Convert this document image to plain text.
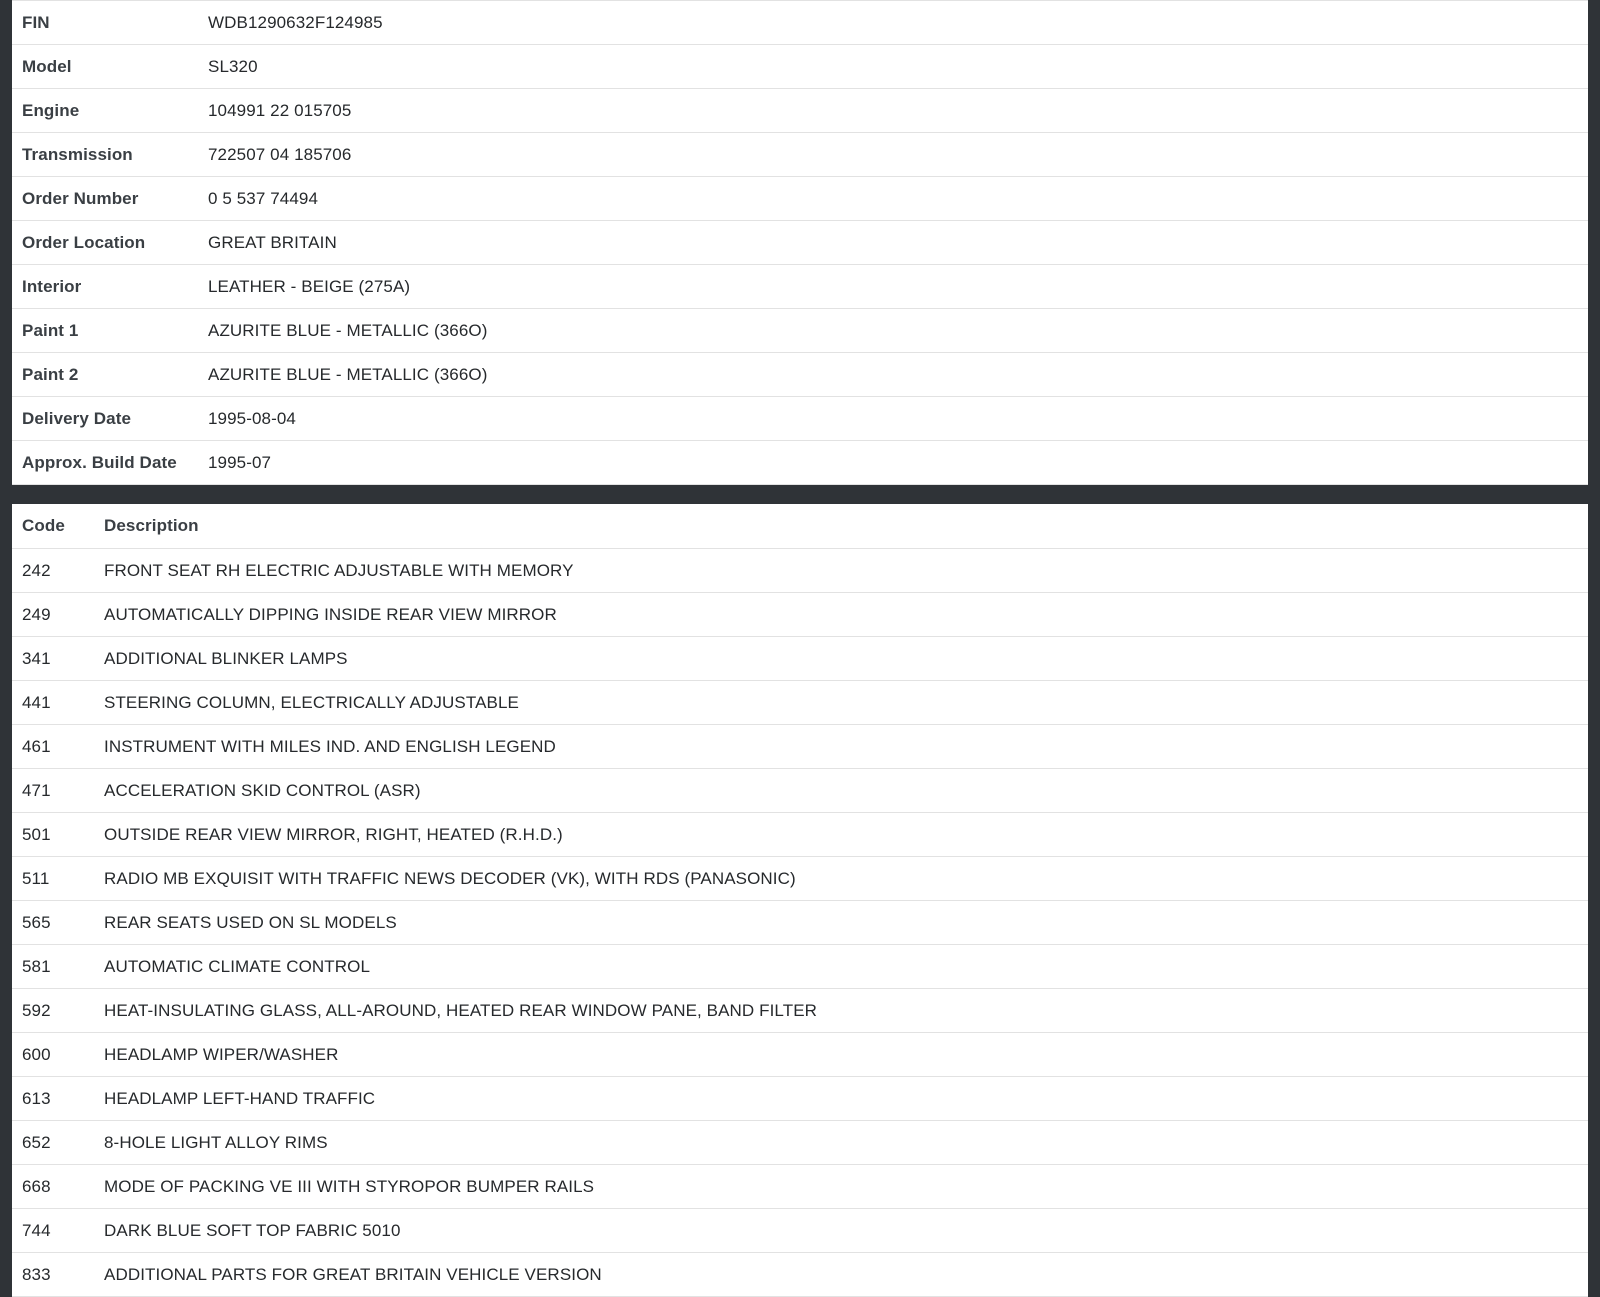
FIN	WDB1290632F124985
Model	SL320
Engine	104991 22 015705
Transmission	722507 04 185706
Order Number	0 5 537 74494
Order Location	GREAT BRITAIN
Interior	LEATHER - BEIGE (275A)
Paint 1	AZURITE BLUE - METALLIC (366O)
Paint 2	AZURITE BLUE - METALLIC (366O)
Delivery Date	1995-08-04
Approx. Build Date	1995-07
Code	Description
242	FRONT SEAT RH ELECTRIC ADJUSTABLE WITH MEMORY
249	AUTOMATICALLY DIPPING INSIDE REAR VIEW MIRROR
341	ADDITIONAL BLINKER LAMPS
441	STEERING COLUMN, ELECTRICALLY ADJUSTABLE
461	INSTRUMENT WITH MILES IND. AND ENGLISH LEGEND
471	ACCELERATION SKID CONTROL (ASR)
501	OUTSIDE REAR VIEW MIRROR, RIGHT, HEATED (R.H.D.)
511	RADIO MB EXQUISIT WITH TRAFFIC NEWS DECODER (VK), WITH RDS (PANASONIC)
565	REAR SEATS USED ON SL MODELS
581	AUTOMATIC CLIMATE CONTROL
592	HEAT-INSULATING GLASS, ALL-AROUND, HEATED REAR WINDOW PANE, BAND FILTER
600	HEADLAMP WIPER/WASHER
613	HEADLAMP LEFT-HAND TRAFFIC
652	8-HOLE LIGHT ALLOY RIMS
668	MODE OF PACKING VE III WITH STYROPOR BUMPER RAILS
744	DARK BLUE SOFT TOP FABRIC 5010
833	ADDITIONAL PARTS FOR GREAT BRITAIN VEHICLE VERSION
